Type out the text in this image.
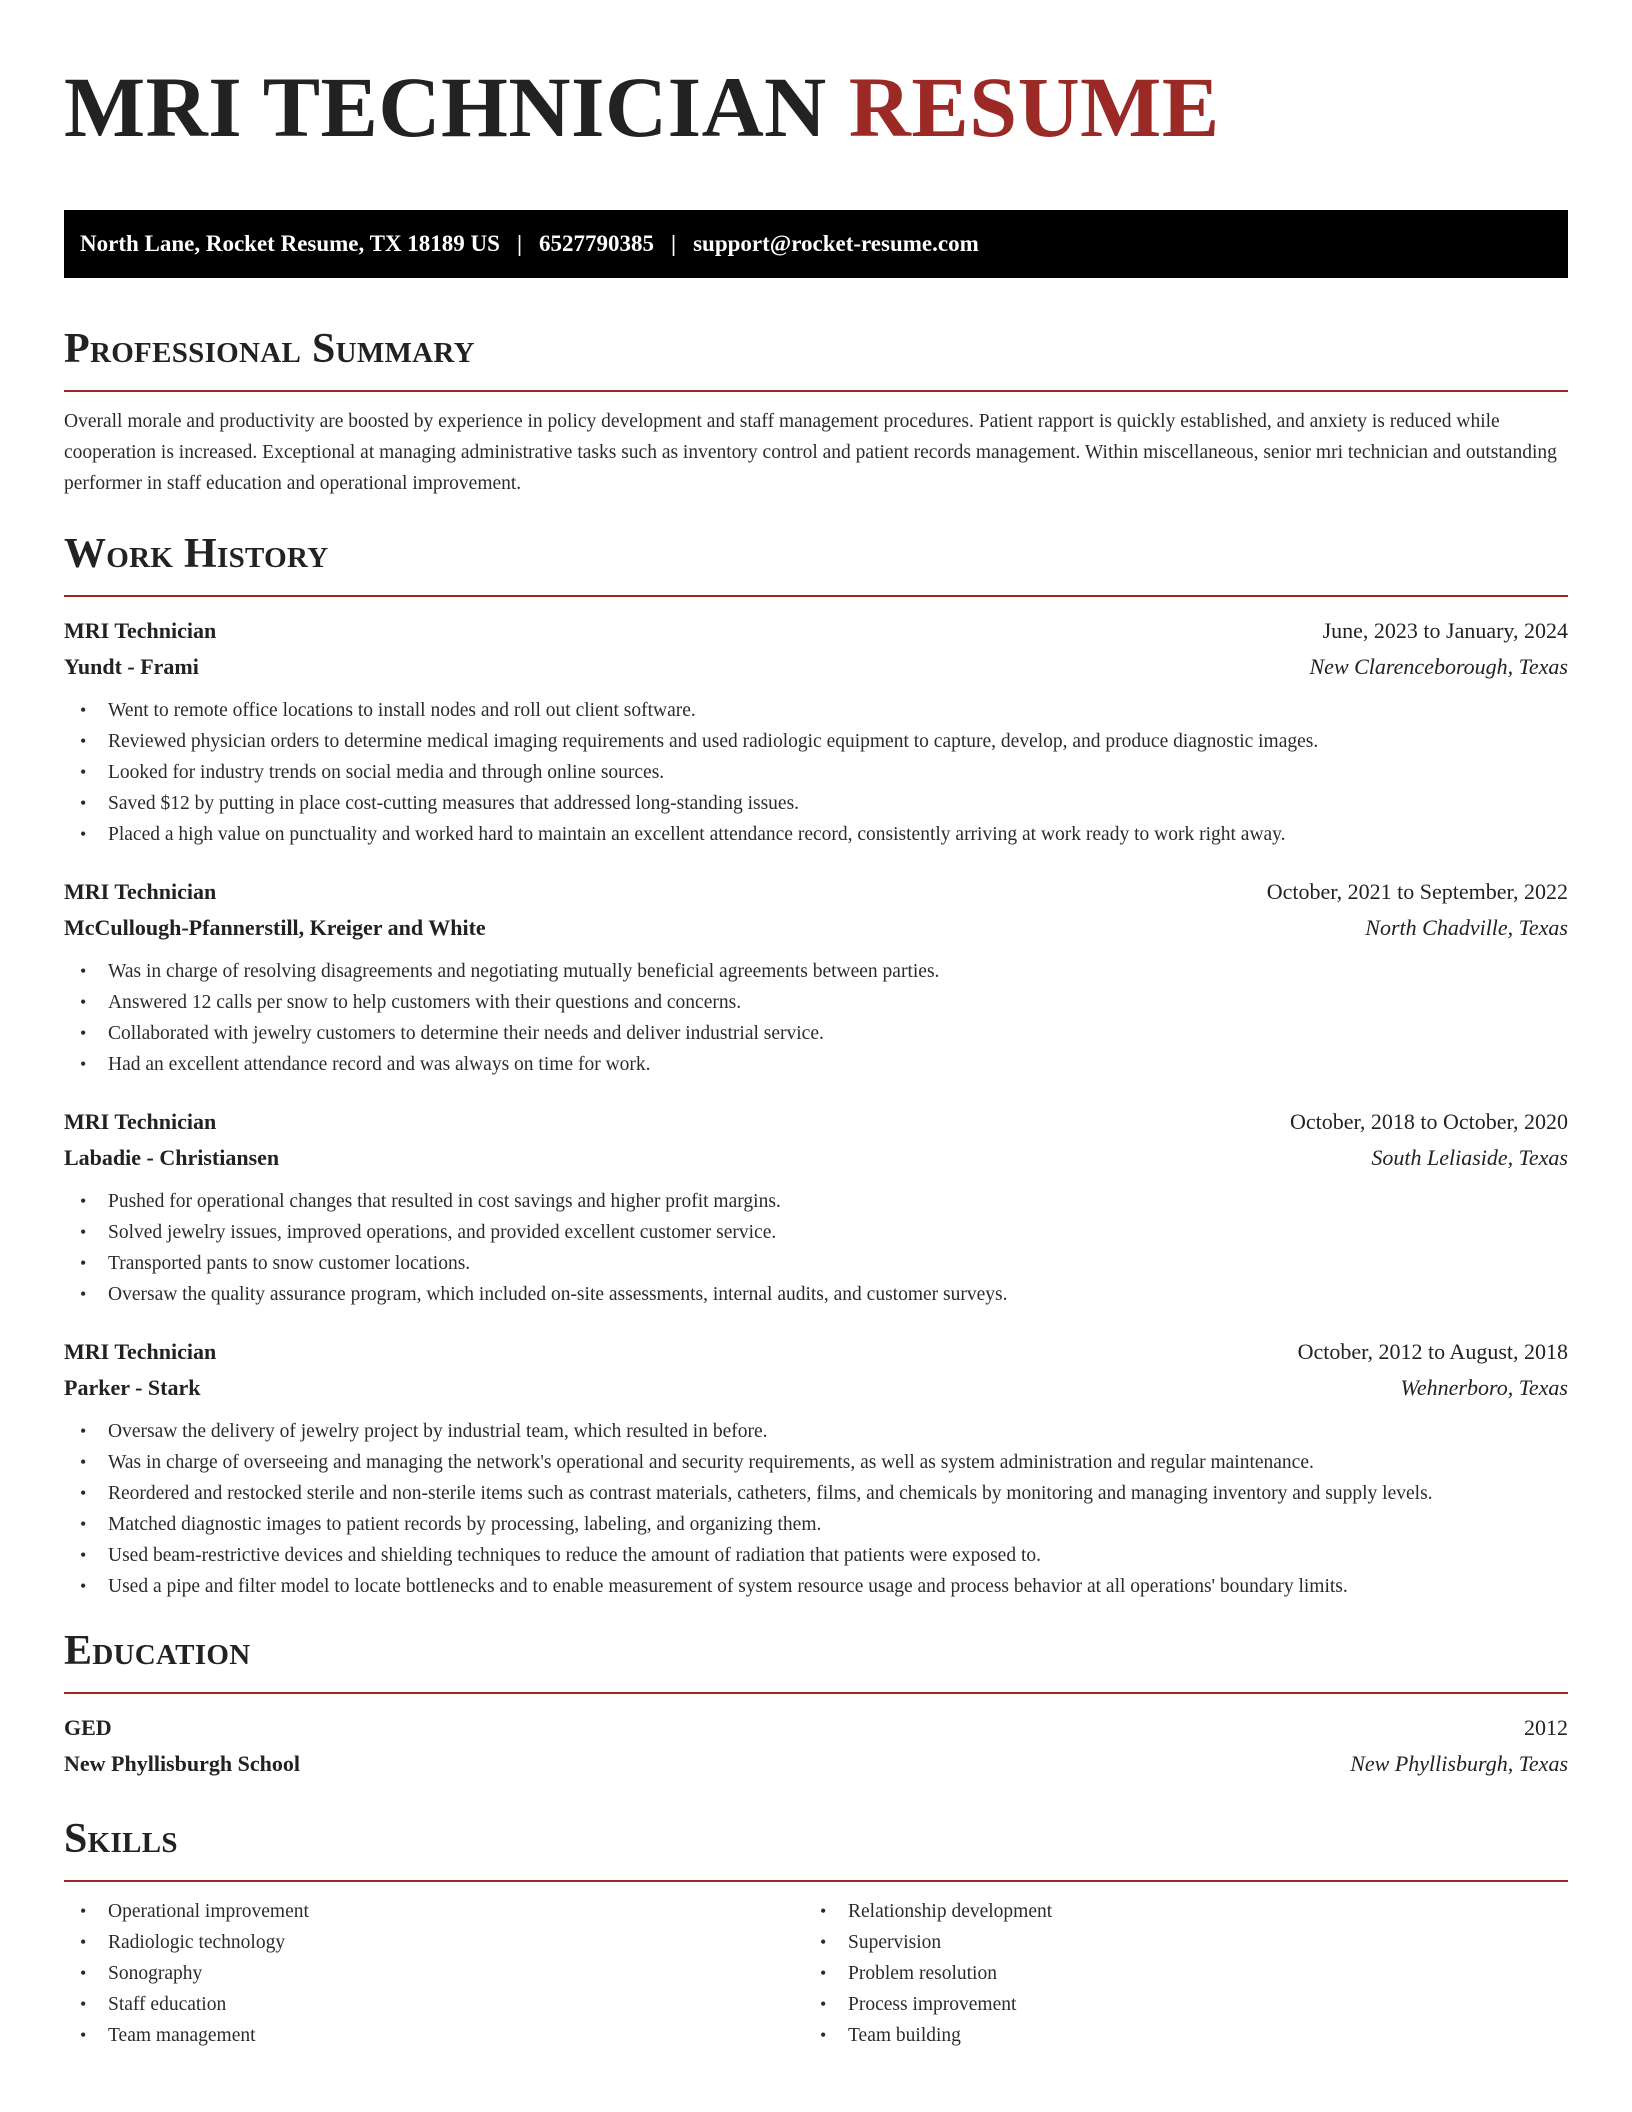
MRI TECHNICIAN RESUME
North Lane, Rocket Resume, TX 18189 US | 6527790385 | support@rocket-resume.com
Professional Summary

Overall morale and productivity are boosted by experience in policy development and staff management procedures. Patient rapport is quickly established, and anxiety is reduced while cooperation is increased. Exceptional at managing administrative tasks such as inventory control and patient records management. Within miscellaneous, senior mri technician and outstanding performer in staff education and operational improvement.

Work History
MRI Technician	June, 2023 to January, 2024
Yundt - Frami	New Clarenceborough, Texas
• Went to remote office locations to install nodes and roll out client software.
• Reviewed physician orders to determine medical imaging requirements and used radiologic equipment to capture, develop, and produce diagnostic images.
• Looked for industry trends on social media and through online sources.
• Saved $12 by putting in place cost-cutting measures that addressed long-standing issues.
• Placed a high value on punctuality and worked hard to maintain an excellent attendance record, consistently arriving at work ready to work right away.
MRI Technician	October, 2021 to September, 2022
McCullough-Pfannerstill, Kreiger and White	North Chadville, Texas
• Was in charge of resolving disagreements and negotiating mutually beneficial agreements between parties.
• Answered 12 calls per snow to help customers with their questions and concerns.
• Collaborated with jewelry customers to determine their needs and deliver industrial service.
• Had an excellent attendance record and was always on time for work.
MRI Technician	October, 2018 to October, 2020
Labadie - Christiansen	South Leliaside, Texas
• Pushed for operational changes that resulted in cost savings and higher profit margins.
• Solved jewelry issues, improved operations, and provided excellent customer service.
• Transported pants to snow customer locations.
• Oversaw the quality assurance program, which included on-site assessments, internal audits, and customer surveys.
MRI Technician	October, 2012 to August, 2018
Parker - Stark	Wehnerboro, Texas
• Oversaw the delivery of jewelry project by industrial team, which resulted in before.
• Was in charge of overseeing and managing the network's operational and security requirements, as well as system administration and regular maintenance.
• Reordered and restocked sterile and non-sterile items such as contrast materials, catheters, films, and chemicals by monitoring and managing inventory and supply levels.
• Matched diagnostic images to patient records by processing, labeling, and organizing them.
• Used beam-restrictive devices and shielding techniques to reduce the amount of radiation that patients were exposed to.
• Used a pipe and filter model to locate bottlenecks and to enable measurement of system resource usage and process behavior at all operations' boundary limits.
Education
GED	2012
New Phyllisburgh School	New Phyllisburgh, Texas
Skills
• Operational improvement
• Radiologic technology
• Sonography
• Staff education
• Team management
• Relationship development
• Supervision
• Problem resolution
• Process improvement
• Team building
